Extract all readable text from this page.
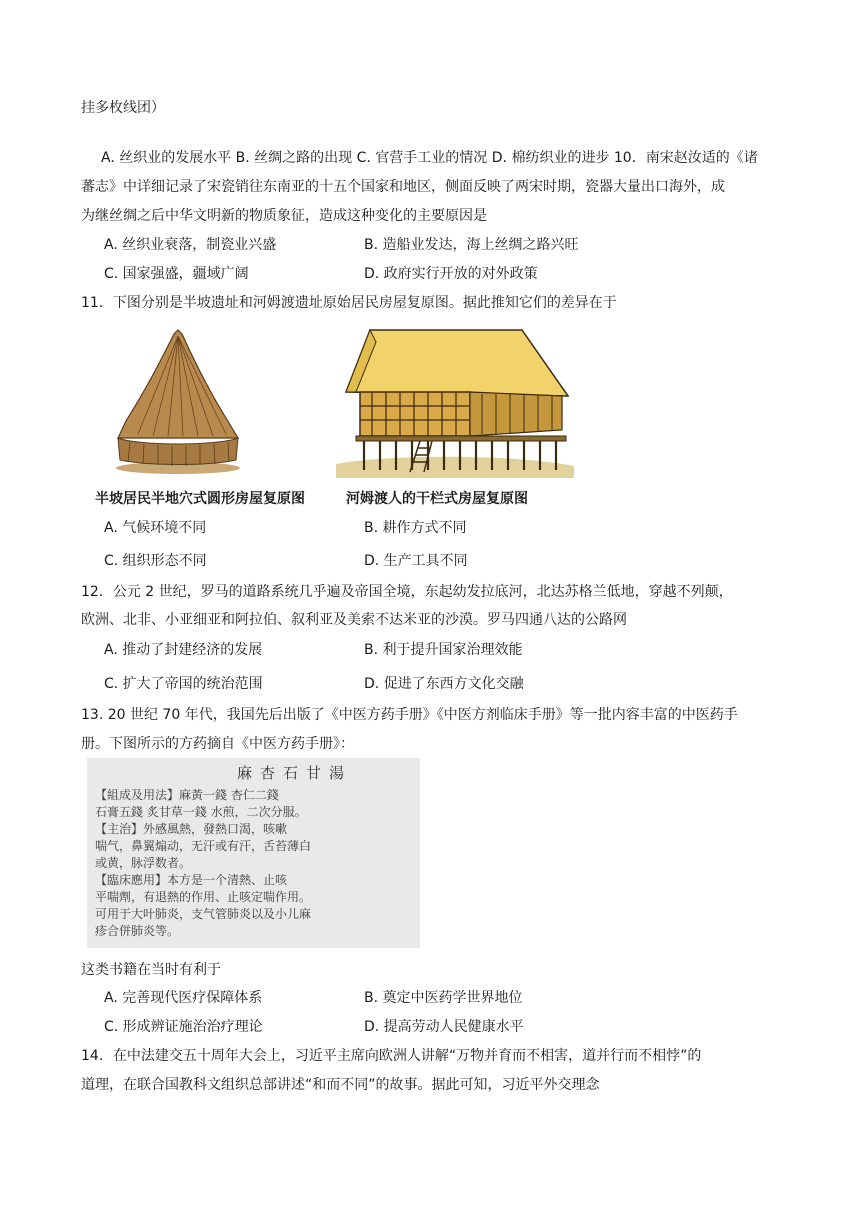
挂多枚线团）
A. 丝织业的发展水平 B. 丝绸之路的出现 C. 官营手工业的情况 D. 棉纺织业的进步 10．南宋赵汝适的《诸
蕃志》中详细记录了宋瓷销往东南亚的十五个国家和地区，侧面反映了两宋时期，瓷器大量出口海外，成
为继丝绸之后中华文明新的物质象征，造成这种变化的主要原因是
A. 丝织业衰落，制瓷业兴盛	B. 造船业发达，海上丝绸之路兴旺
C. 国家强盛，疆域广阔	D. 政府实行开放的对外政策
11．下图分别是半坡遗址和河姆渡遗址原始居民房屋复原图。据此推知它们的差异在于
半坡居民半地穴式圆形房屋复原图	河姆渡人的干栏式房屋复原图
A. 气候环境不同	B. 耕作方式不同
C. 组织形态不同	D. 生产工具不同
12．公元 2 世纪，罗马的道路系统几乎遍及帝国全境，东起幼发拉底河，北达苏格兰低地，穿越不列颠，
欧洲、北非、小亚细亚和阿拉伯、叙利亚及美索不达米亚的沙漠。罗马四通八达的公路网
A. 推动了封建经济的发展	B. 利于提升国家治理效能
C. 扩大了帝国的统治范围	D. 促进了东西方文化交融
13. 20 世纪 70 年代，我国先后出版了《中医方药手册》《中医方剂临床手册》等一批内容丰富的中医药手
册。下图所示的方药摘自《中医方药手册》：
麻杏石甘湯
【組成及用法】麻黃一錢 杏仁二錢
石膏五錢 炙甘草一錢 水煎，二次分服。
【主治】外感風熱，發熱口渴，咳嗽
喘气，鼻翼煽动，无汗或有汗，舌苔薄白
或黄，脉浮数者。
【臨床應用】本方是一个清熱、止咳
平喘劑，有退熱的作用、止咳定喘作用。
可用于大叶肺炎，支气管肺炎以及小儿麻
疹合併肺炎等。
这类书籍在当时有利于
A. 完善现代医疗保障体系	B. 奠定中医药学世界地位
C. 形成辨证施治治疗理论	D. 提高劳动人民健康水平
14．在中法建交五十周年大会上，习近平主席向欧洲人讲解“万物并育而不相害，道并行而不相悖”的
道理，在联合国教科文组织总部讲述“和而不同”的故事。据此可知，习近平外交理念
